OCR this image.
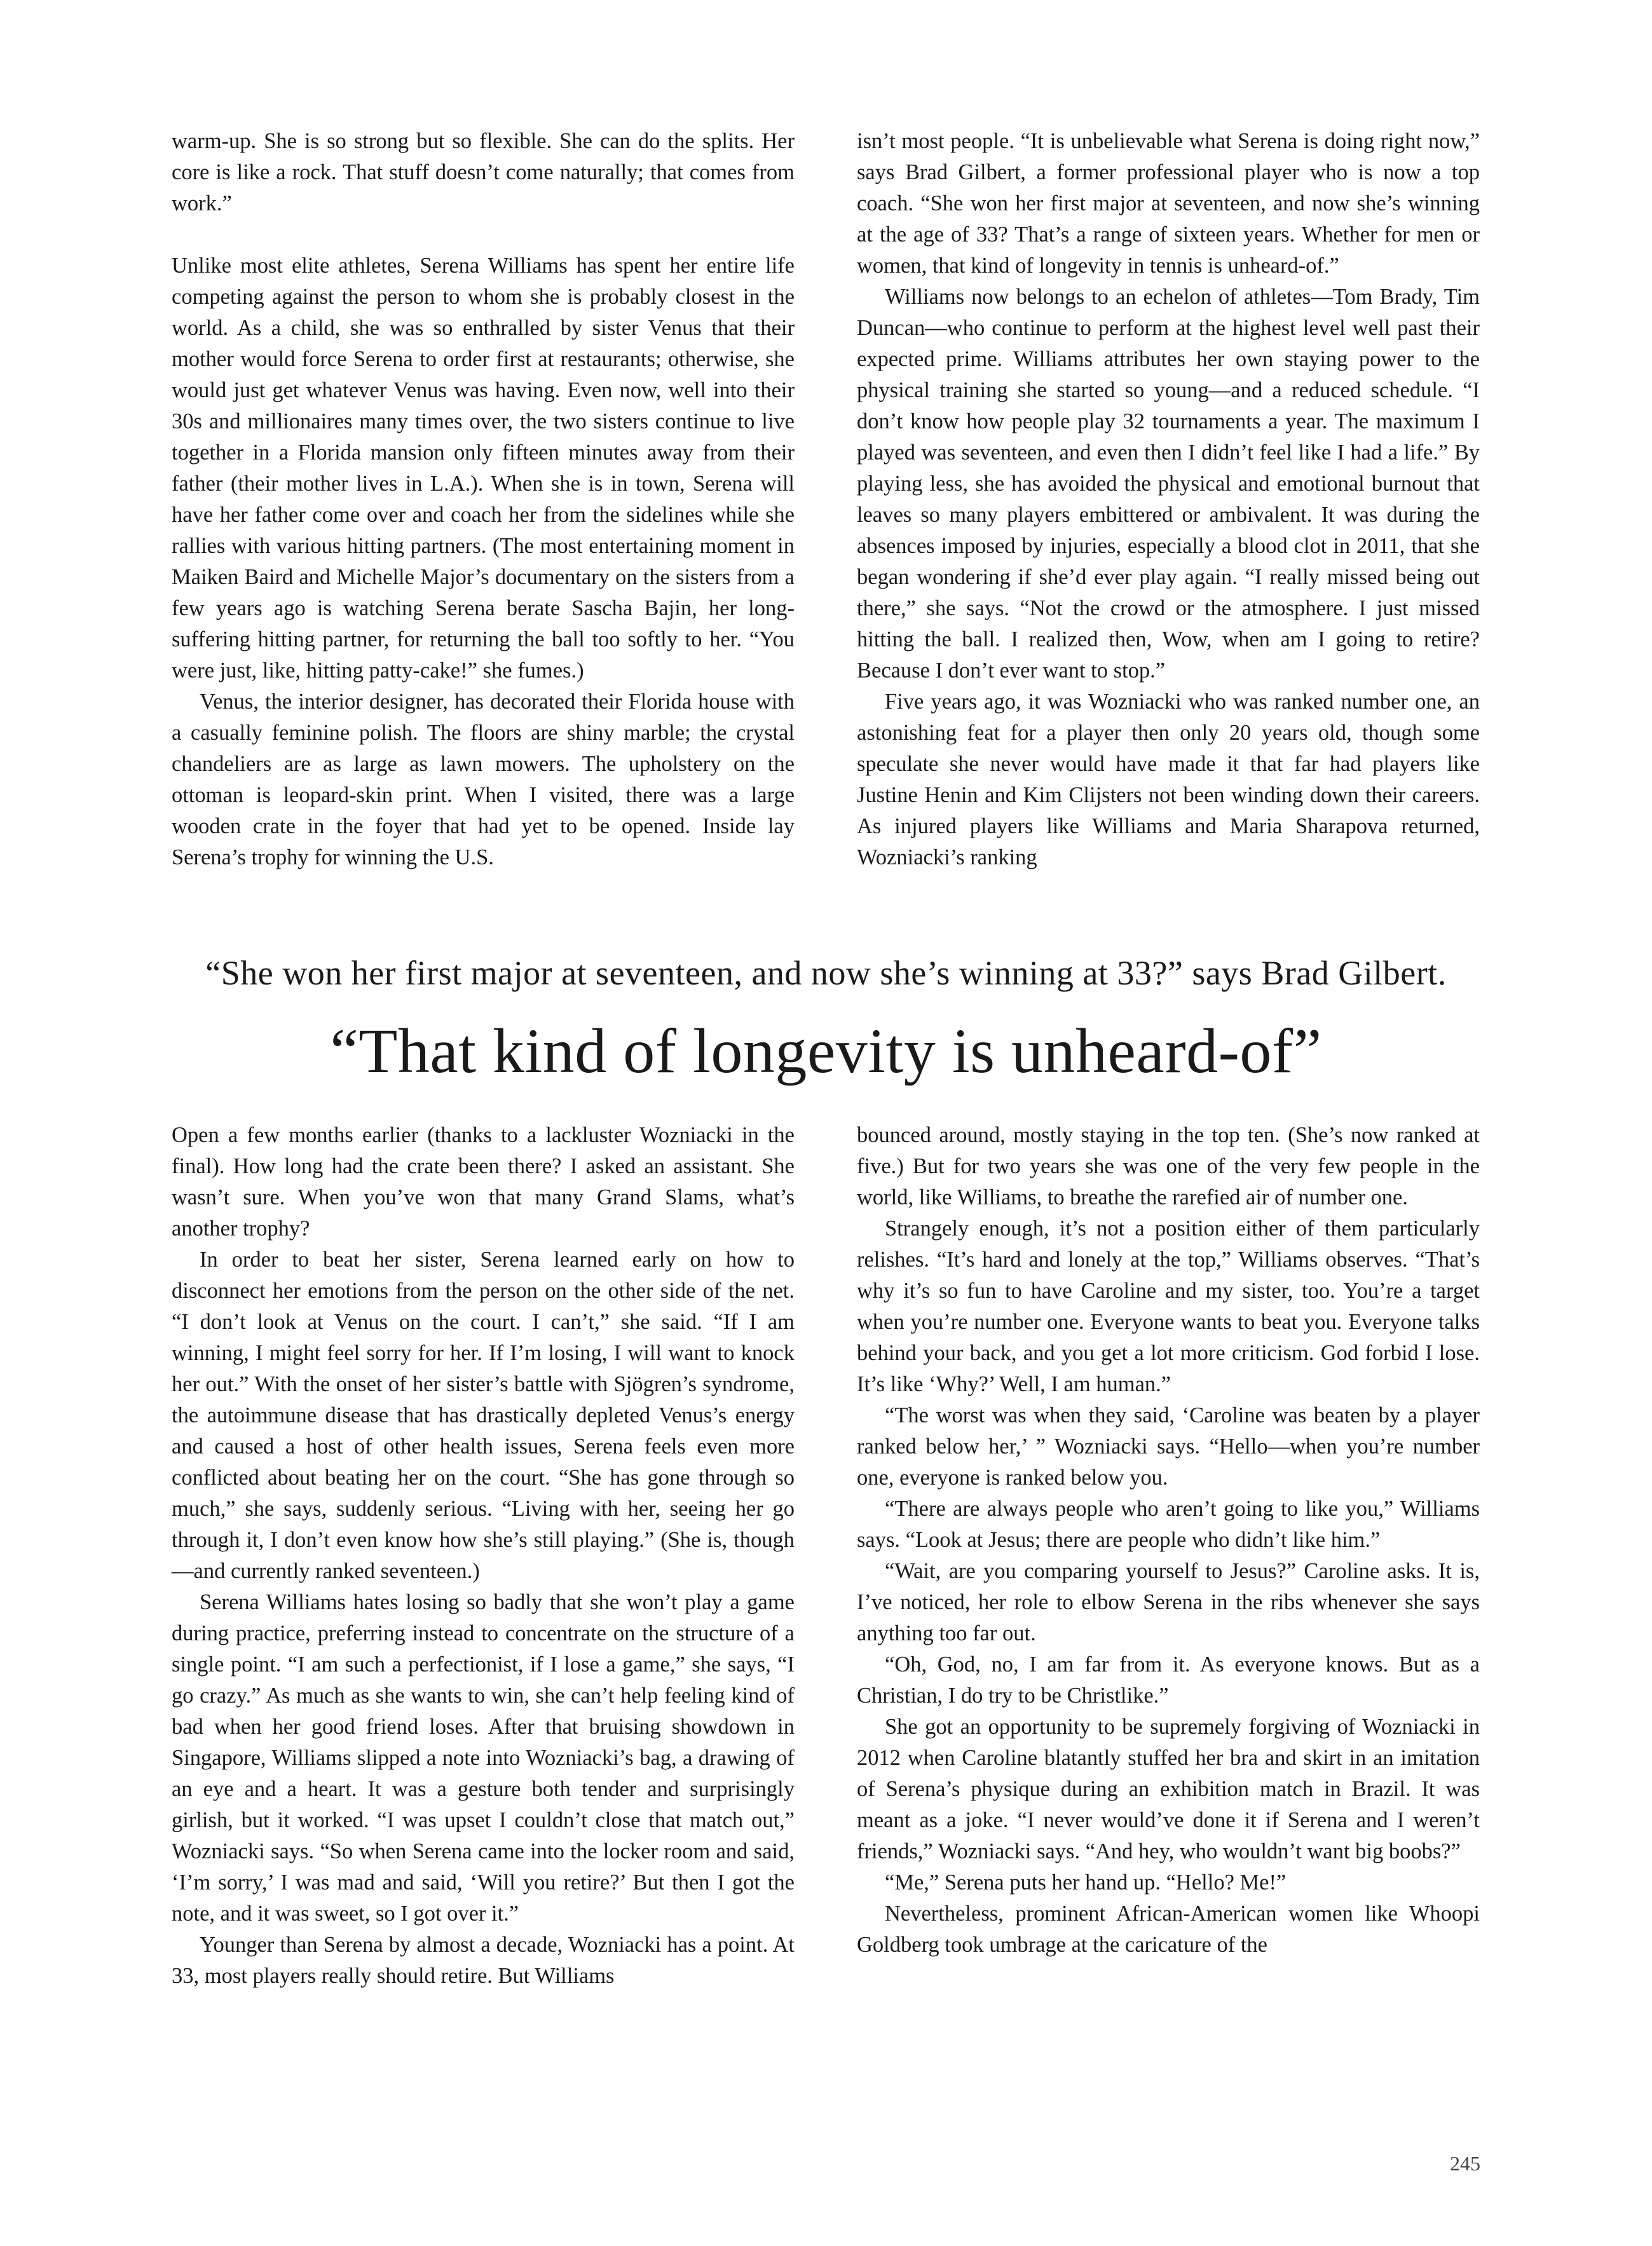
warm-up. She is so strong but so flexible. She can do the splits. Her core is like a rock. That stuff doesn’t come naturally; that comes from work.”

Unlike most elite athletes, Serena Williams has spent her entire life competing against the person to whom she is probably closest in the world. As a child, she was so enthralled by sister Venus that their mother would force Serena to order first at restaurants; otherwise, she would just get whatever Venus was having. Even now, well into their 30s and millionaires many times over, the two sisters continue to live together in a Florida mansion only fifteen minutes away from their father (their mother lives in L.A.). When she is in town, Serena will have her father come over and coach her from the sidelines while she rallies with various hitting partners. (The most entertaining moment in Maiken Baird and Michelle Major’s documentary on the sisters from a few years ago is watching Serena berate Sascha Bajin, her long-suffering hitting partner, for returning the ball too softly to her. “You were just, like, hitting patty-cake!” she fumes.)

Venus, the interior designer, has decorated their Florida house with a casually feminine polish. The floors are shiny marble; the crystal chandeliers are as large as lawn mowers. The upholstery on the ottoman is leopard-skin print. When I visited, there was a large wooden crate in the foyer that had yet to be opened. Inside lay Serena’s trophy for winning the U.S.

isn’t most people. “It is unbelievable what Serena is doing right now,” says Brad Gilbert, a former professional player who is now a top coach. “She won her first major at seventeen, and now she’s winning at the age of 33? That’s a range of sixteen years. Whether for men or women, that kind of longevity in tennis is unheard-of.”

Williams now belongs to an echelon of athletes—Tom Brady, Tim Duncan—who continue to perform at the highest level well past their expected prime. Williams attributes her own staying power to the physical training she started so young—and a reduced schedule. “I don’t know how people play 32 tournaments a year. The maximum I played was seventeen, and even then I didn’t feel like I had a life.” By playing less, she has avoided the physical and emotional burnout that leaves so many players embittered or ambivalent. It was during the absences imposed by injuries, especially a blood clot in 2011, that she began wondering if she’d ever play again. “I really missed being out there,” she says. “Not the crowd or the atmosphere. I just missed hitting the ball. I realized then, Wow, when am I going to retire? Because I don’t ever want to stop.”

Five years ago, it was Wozniacki who was ranked number one, an astonishing feat for a player then only 20 years old, though some speculate she never would have made it that far had players like Justine Henin and Kim Clijsters not been winding down their careers. As injured players like Williams and Maria Sharapova returned, Wozniacki’s ranking

“She won her first major at seventeen, and now she’s winning at 33?” says Brad Gilbert.
“That kind of longevity is unheard-of”

Open a few months earlier (thanks to a lackluster Wozniacki in the final). How long had the crate been there? I asked an assistant. She wasn’t sure. When you’ve won that many Grand Slams, what’s another trophy?

In order to beat her sister, Serena learned early on how to disconnect her emotions from the person on the other side of the net. “I don’t look at Venus on the court. I can’t,” she said. “If I am winning, I might feel sorry for her. If I’m losing, I will want to knock her out.” With the onset of her sister’s battle with Sjögren’s syndrome, the autoimmune disease that has drastically depleted Venus’s energy and caused a host of other health issues, Serena feels even more conflicted about beating her on the court. “She has gone through so much,” she says, suddenly serious. “Living with her, seeing her go through it, I don’t even know how she’s still playing.” (She is, though—and currently ranked seventeen.)

Serena Williams hates losing so badly that she won’t play a game during practice, preferring instead to concentrate on the structure of a single point. “I am such a perfectionist, if I lose a game,” she says, “I go crazy.” As much as she wants to win, she can’t help feeling kind of bad when her good friend loses. After that bruising showdown in Singapore, Williams slipped a note into Wozniacki’s bag, a drawing of an eye and a heart. It was a gesture both tender and surprisingly girlish, but it worked. “I was upset I couldn’t close that match out,” Wozniacki says. “So when Serena came into the locker room and said, ‘I’m sorry,’ I was mad and said, ‘Will you retire?’ But then I got the note, and it was sweet, so I got over it.”

Younger than Serena by almost a decade, Wozniacki has a point. At 33, most players really should retire. But Williams

bounced around, mostly staying in the top ten. (She’s now ranked at five.) But for two years she was one of the very few people in the world, like Williams, to breathe the rarefied air of number one.

Strangely enough, it’s not a position either of them particularly relishes. “It’s hard and lonely at the top,” Williams observes. “That’s why it’s so fun to have Caroline and my sister, too. You’re a target when you’re number one. Everyone wants to beat you. Everyone talks behind your back, and you get a lot more criticism. God forbid I lose. It’s like ‘Why?’ Well, I am human.”

“The worst was when they said, ‘Caroline was beaten by a player ranked below her,’ ” Wozniacki says. “Hello—when you’re number one, everyone is ranked below you.

“There are always people who aren’t going to like you,” Williams says. “Look at Jesus; there are people who didn’t like him.”

“Wait, are you comparing yourself to Jesus?” Caroline asks. It is, I’ve noticed, her role to elbow Serena in the ribs whenever she says anything too far out.

“Oh, God, no, I am far from it. As everyone knows. But as a Christian, I do try to be Christlike.”

She got an opportunity to be supremely forgiving of Wozniacki in 2012 when Caroline blatantly stuffed her bra and skirt in an imitation of Serena’s physique during an exhibition match in Brazil. It was meant as a joke. “I never would’ve done it if Serena and I weren’t friends,” Wozniacki says. “And hey, who wouldn’t want big boobs?”

“Me,” Serena puts her hand up. “Hello? Me!”

Nevertheless, prominent African-American women like Whoopi Goldberg took umbrage at the caricature of the

245
